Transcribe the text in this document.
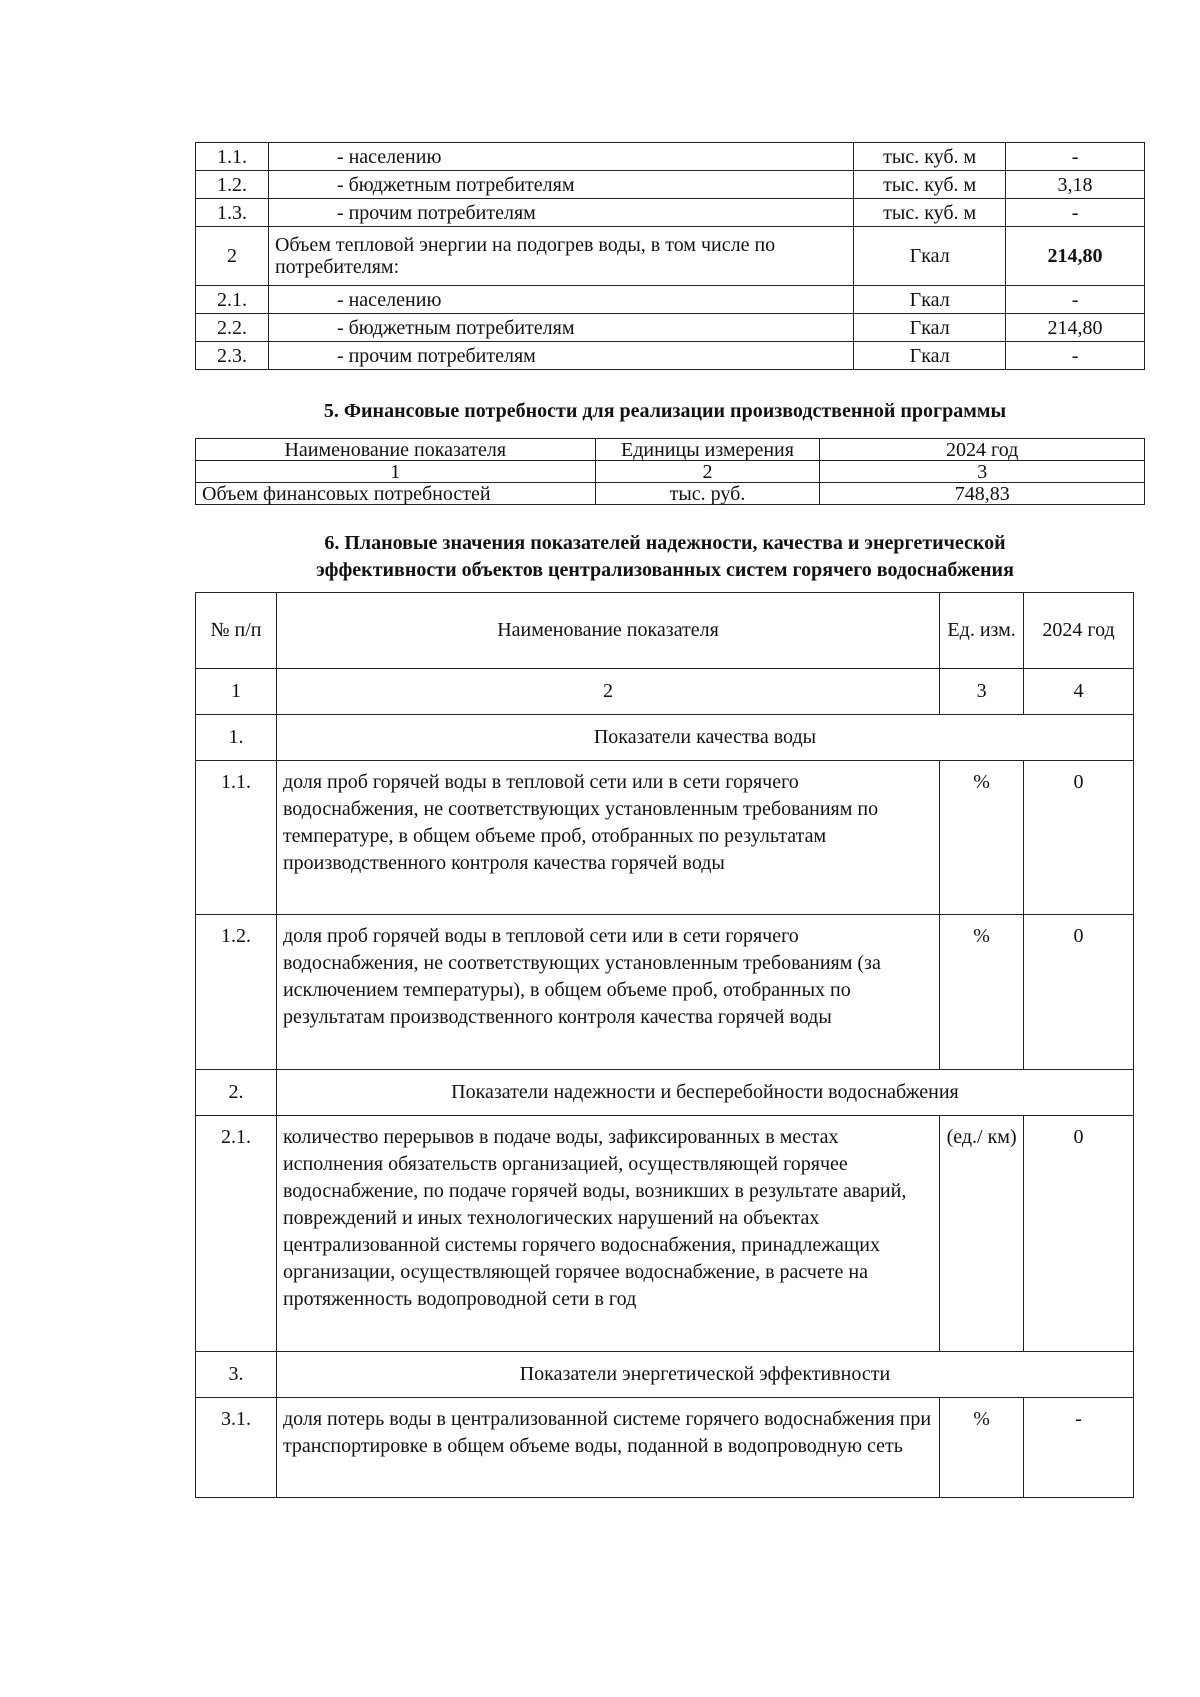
1.1.	- населению	тыс. куб. м	-
1.2.	- бюджетным потребителям	тыс. куб. м	3,18
1.3.	- прочим потребителям	тыс. куб. м	-
2	Объем тепловой энергии на подогрев воды, в том числе по потребителям:	Гкал	214,80
2.1.	- населению	Гкал	-
2.2.	- бюджетным потребителям	Гкал	214,80
2.3.	- прочим потребителям	Гкал	-
5. Финансовые потребности для реализации производственной программы
Наименование показателя	Единицы измерения	2024 год
1	2	3
Объем финансовых потребностей	тыс. руб.	748,83
6. Плановые значения показателей надежности, качества и энергетической
эффективности объектов централизованных систем горячего водоснабжения
№ п/п	Наименование показателя	Ед. изм.	2024 год
1	2	3	4
1.	Показатели качества воды		
1.1.	доля проб горячей воды в тепловой сети или в сети горячего водоснабжения, не соответствующих установленным требованиям по температуре, в общем объеме проб, отобранных по результатам производственного контроля качества горячей воды	%	0
1.2.	доля проб горячей воды в тепловой сети или в сети горячего водоснабжения, не соответствующих установленным требованиям (за исключением температуры), в общем объеме проб, отобранных по результатам производственного контроля качества горячей воды	%	0
2.	Показатели надежности и бесперебойности водоснабжения		
2.1.	количество перерывов в подаче воды, зафиксированных в местах исполнения обязательств организацией, осуществляющей горячее водоснабжение, по подаче горячей воды, возникших в результате аварий, повреждений и иных технологических нарушений на объектах централизованной системы горячего водоснабжения, принадлежащих организации, осуществляющей горячее водоснабжение, в расчете на протяженность водопроводной сети в год	(ед./ км)	0
3.	Показатели энергетической эффективности		
3.1.	доля потерь воды в централизованной системе горячего водоснабжения при транспортировке в общем объеме воды, поданной в водопроводную сеть	%	-
